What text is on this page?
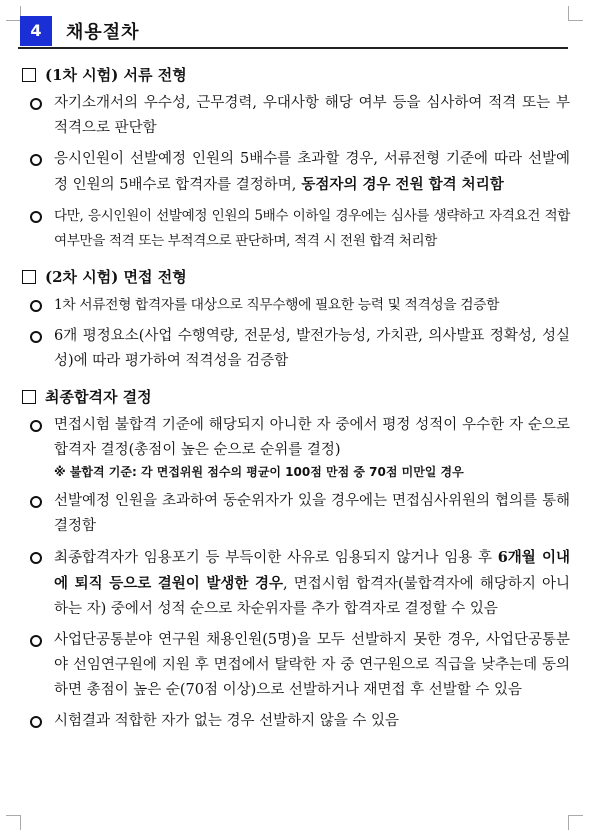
4	채용절차
(1차 시험) 서류 전형
자기소개서의 우수성, 근무경력, 우대사항 해당 여부 등을 심사하여 적격 또는 부적격으로 판단함
응시인원이 선발예정 인원의 5배수를 초과할 경우, 서류전형 기준에 따라 선발예정 인원의 5배수로 합격자를 결정하며, 동점자의 경우 전원 합격 처리함
다만, 응시인원이 선발예정 인원의 5배수 이하일 경우에는 심사를 생략하고 자격요건 적합 여부만을 적격 또는 부적격으로 판단하며, 적격 시 전원 합격 처리함
(2차 시험) 면접 전형
1차 서류전형 합격자를 대상으로 직무수행에 필요한 능력 및 적격성을 검증함
6개 평정요소(사업 수행역량, 전문성, 발전가능성, 가치관, 의사발표 정확성, 성실성)에 따라 평가하여 적격성을 검증함
최종합격자 결정
면접시험 불합격 기준에 해당되지 아니한 자 중에서 평정 성적이 우수한 자 순으로 합격자 결정(총점이 높은 순으로 순위를 결정)
※ 불합격 기준: 각 면접위원 점수의 평균이 100점 만점 중 70점 미만일 경우
선발예정 인원을 초과하여 동순위자가 있을 경우에는 면접심사위원의 협의를 통해 결정함
최종합격자가 임용포기 등 부득이한 사유로 임용되지 않거나 임용 후 6개월 이내에 퇴직 등으로 결원이 발생한 경우, 면접시험 합격자(불합격자에 해당하지 아니하는 자) 중에서 성적 순으로 차순위자를 추가 합격자로 결정할 수 있음
사업단공통분야 연구원 채용인원(5명)을 모두 선발하지 못한 경우, 사업단공통분야 선임연구원에 지원 후 면접에서 탈락한 자 중 연구원으로 직급을 낮추는데 동의하면 총점이 높은 순(70점 이상)으로 선발하거나 재면접 후 선발할 수 있음
시험결과 적합한 자가 없는 경우 선발하지 않을 수 있음
